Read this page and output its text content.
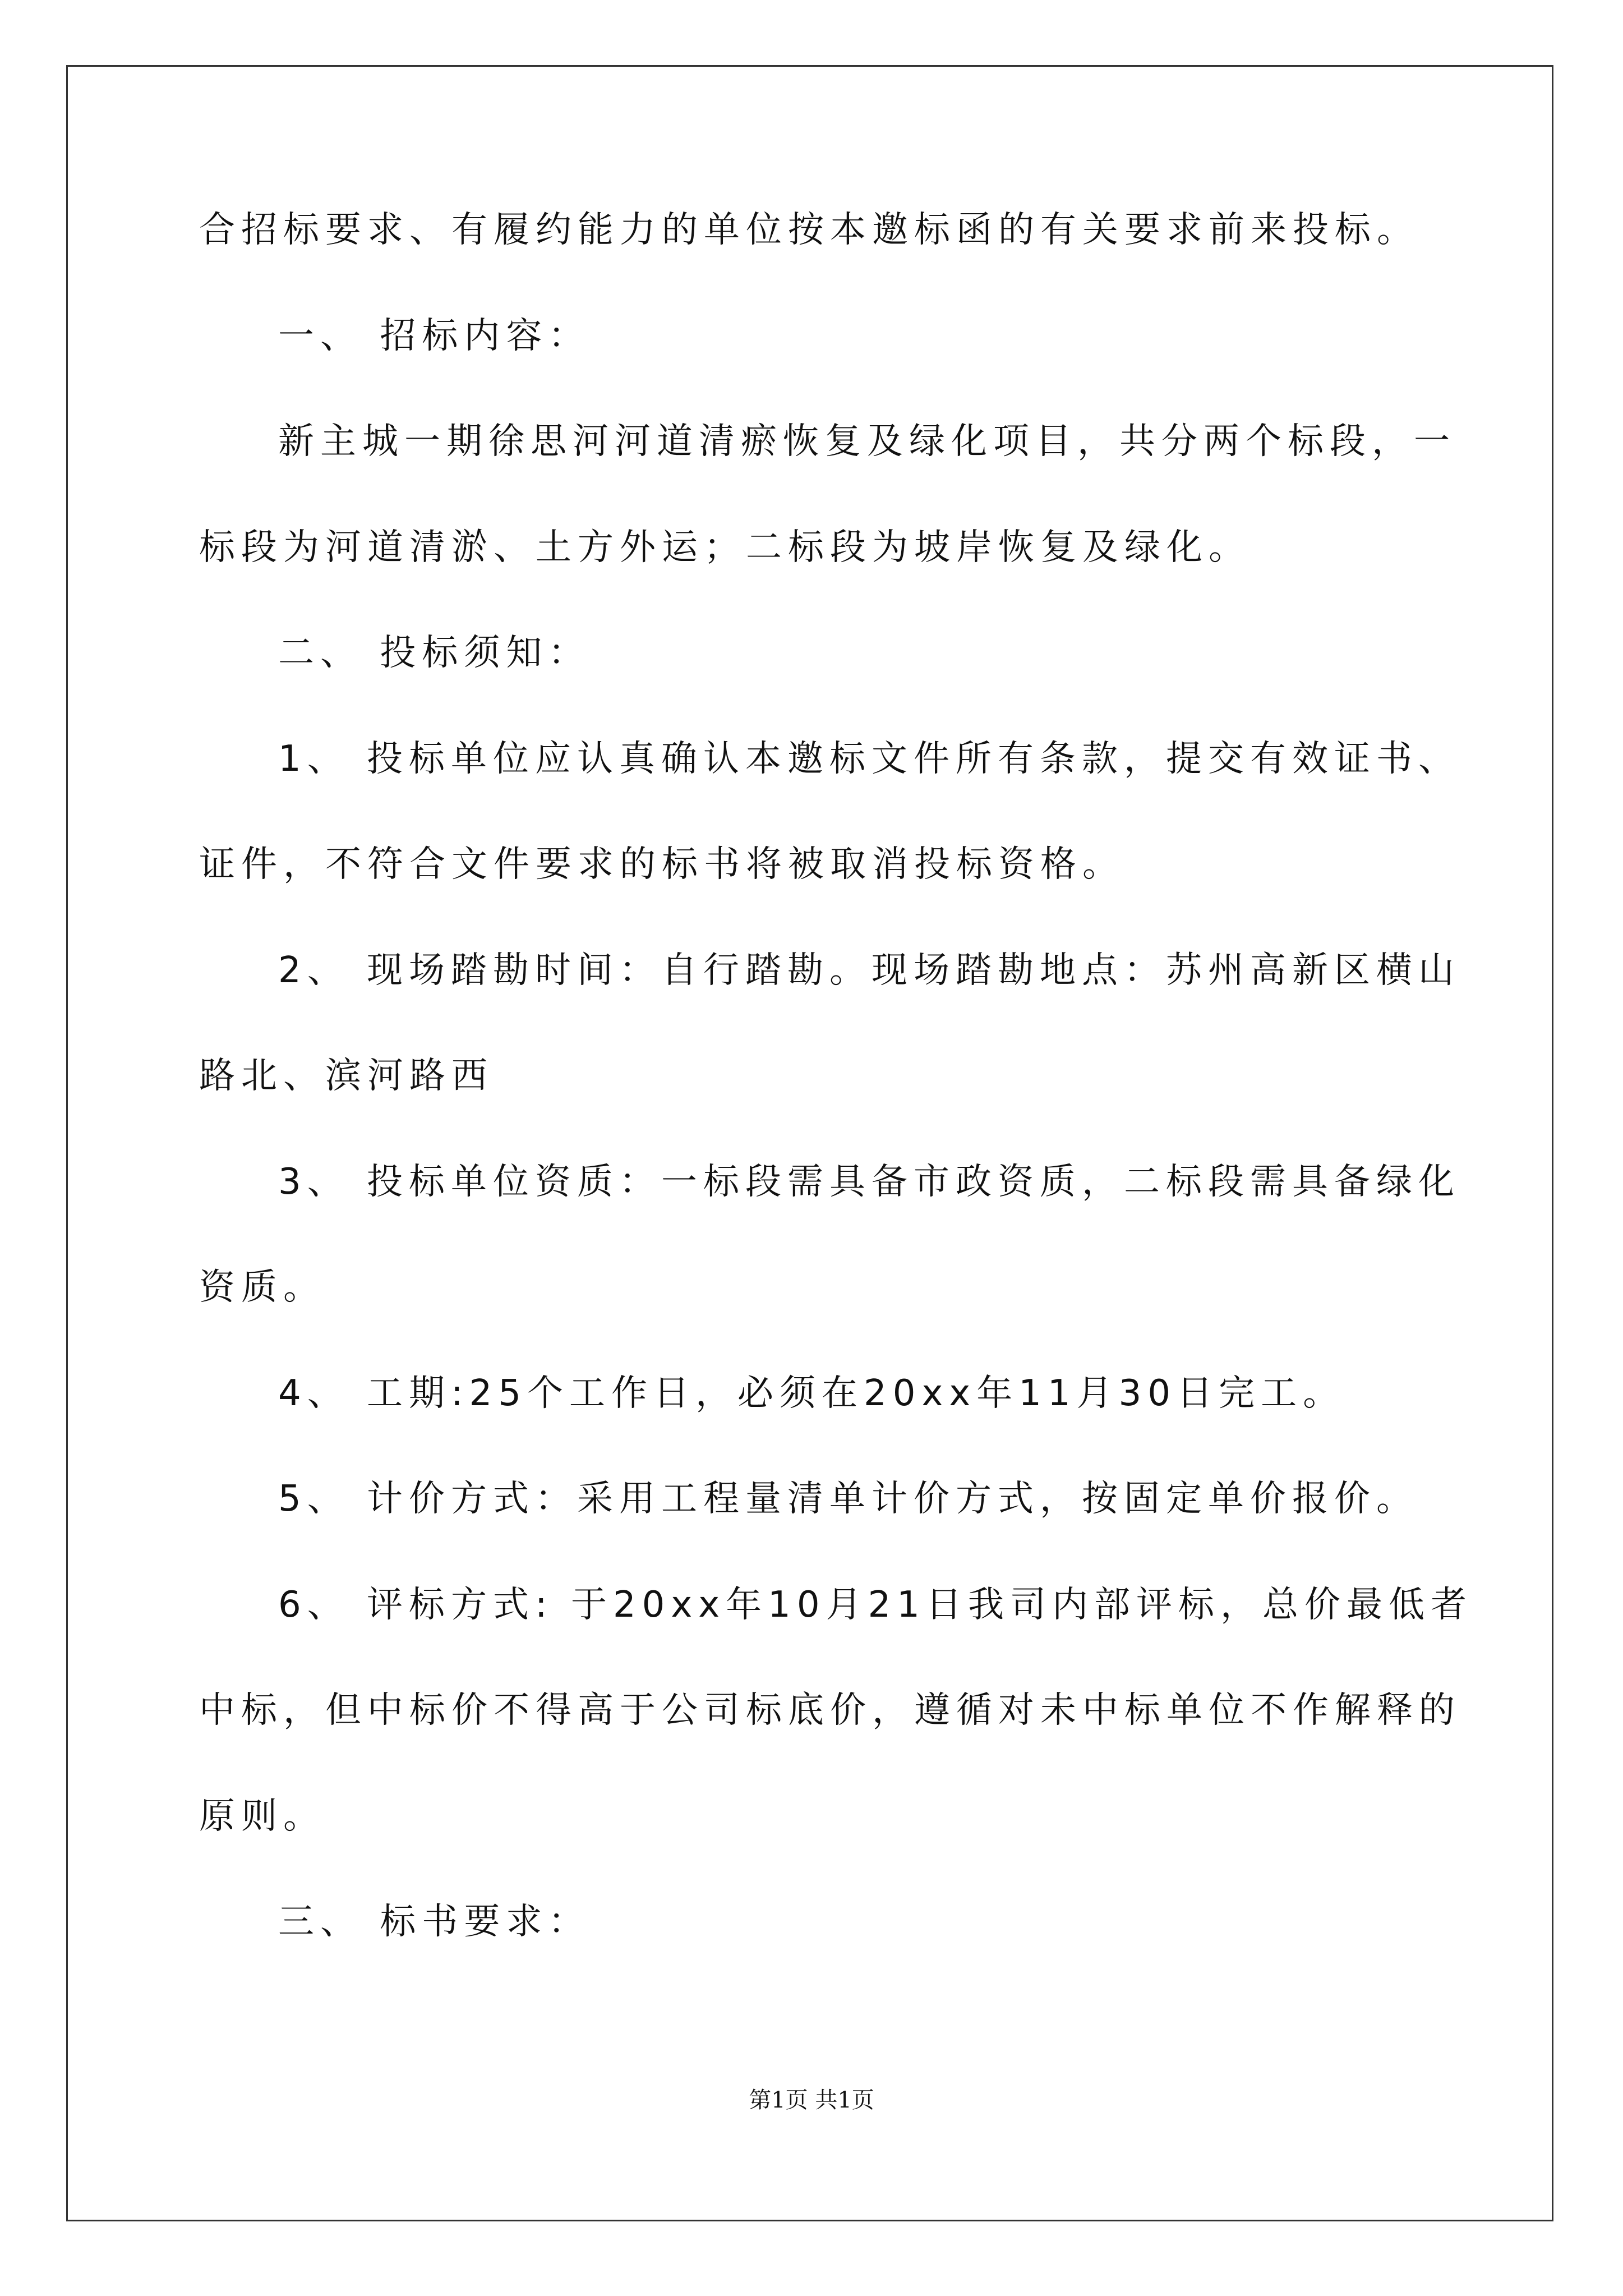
合招标要求、有履约能力的单位按本邀标函的有关要求前来投标。

一、 招标内容：

新主城一期徐思河河道清瘀恢复及绿化项目，共分两个标段，一

标段为河道清淤、土方外运；二标段为坡岸恢复及绿化。

二、 投标须知：

1、 投标单位应认真确认本邀标文件所有条款，提交有效证书、

证件，不符合文件要求的标书将被取消投标资格。

2、 现场踏勘时间：自行踏勘。现场踏勘地点：苏州高新区横山

路北、滨河路西

3、 投标单位资质：一标段需具备市政资质，二标段需具备绿化

资质。

4、 工期:25个工作日，必须在20xx年11月30日完工。

5、 计价方式：采用工程量清单计价方式，按固定单价报价。

6、 评标方式: 于20xx年10月21日我司内部评标，总价最低者

中标，但中标价不得高于公司标底价，遵循对未中标单位不作解释的

原则。

三、 标书要求：

第1页 共1页
